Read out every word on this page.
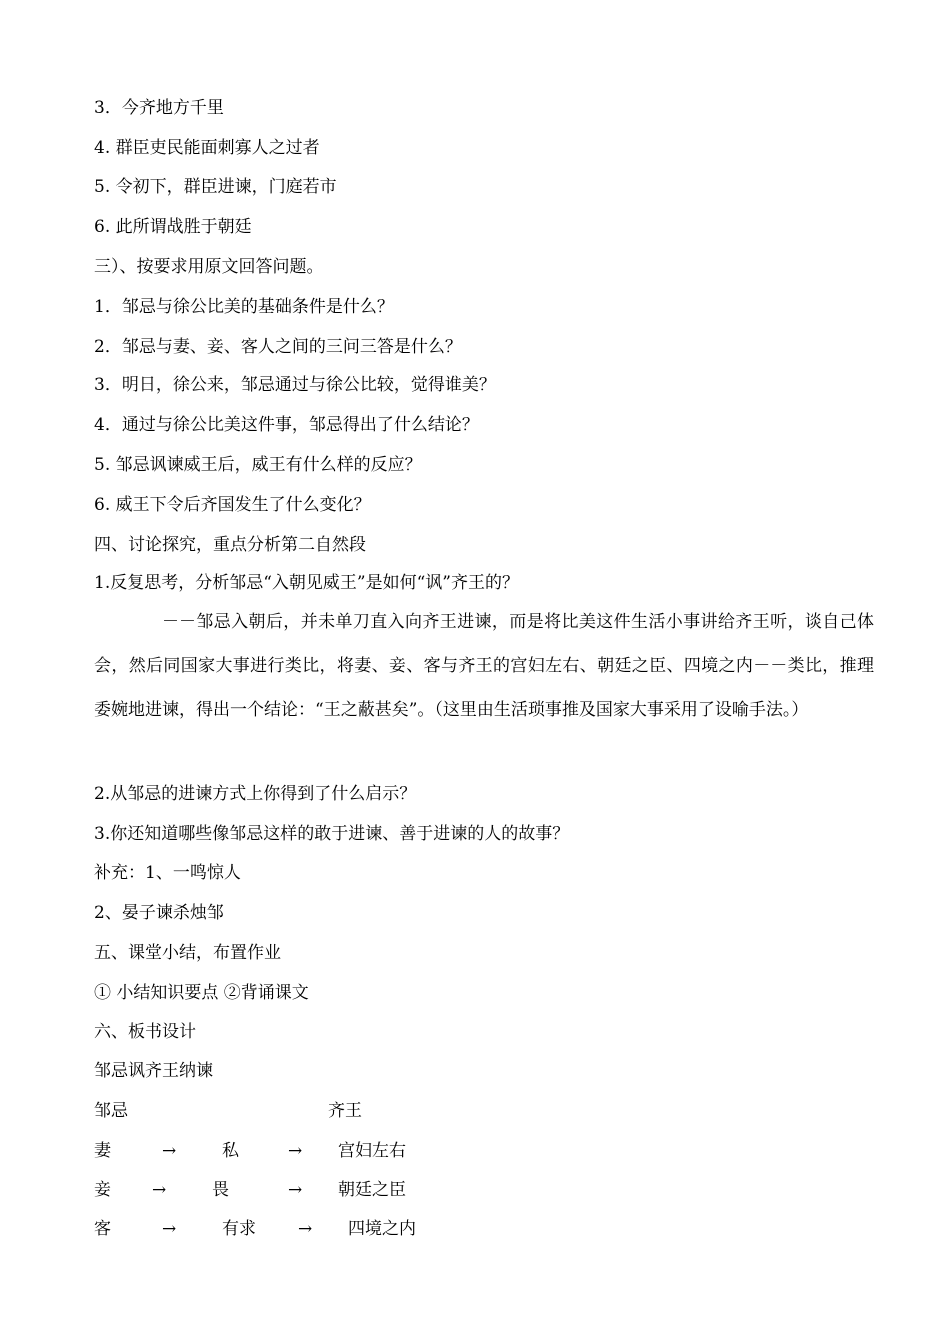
3．今齐地方千里
4. 群臣吏民能面刺寡人之过者
5. 令初下，群臣进谏，门庭若市
6. 此所谓战胜于朝廷
三）、按要求用原文回答问题。
1．邹忌与徐公比美的基础条件是什么？
2．邹忌与妻、妾、客人之间的三问三答是什么？
3．明日，徐公来，邹忌通过与徐公比较，觉得谁美？
4．通过与徐公比美这件事，邹忌得出了什么结论？
5. 邹忌讽谏威王后，威王有什么样的反应？
6. 威王下令后齐国发生了什么变化？
四、讨论探究，重点分析第二自然段
1.反复思考，分析邹忌“入朝见威王”是如何“讽”齐王的？
－－邹忌入朝后，并未单刀直入向齐王进谏，而是将比美这件生活小事讲给齐王听，谈自己体会，然后同国家大事进行类比，将妻、妾、客与齐王的宫妇左右、朝廷之臣、四境之内－－类比，推理委婉地进谏，得出一个结论：“王之蔽甚矣”。（这里由生活琐事推及国家大事采用了设喻手法。）
2.从邹忌的进谏方式上你得到了什么启示？
3.你还知道哪些像邹忌这样的敢于进谏、善于进谏的人的故事？
补充：1、一鸣惊人
2、晏子谏杀烛邹
五、课堂小结，布置作业
① 小结知识要点 ②背诵课文
六、板书设计
邹忌讽齐王纳谏
邹忌	齐王
妻	→	私	→ 宫妇左右
妾 →	畏	→ 朝廷之臣
客	→	有求 → 四境之内
